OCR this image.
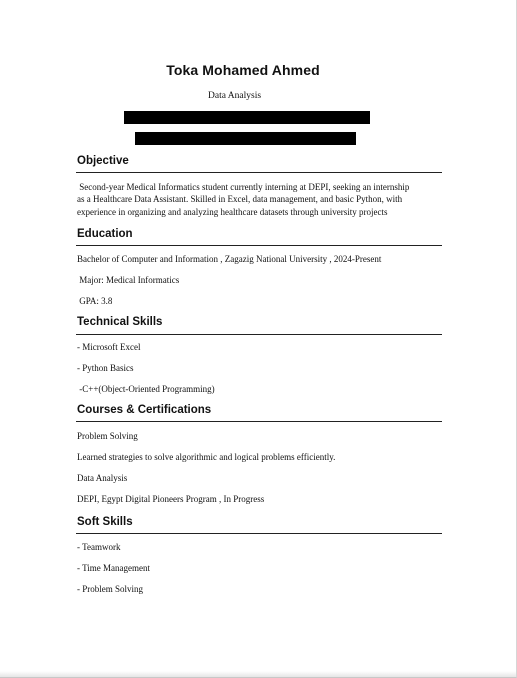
Toka Mohamed Ahmed
Data Analysis
Objective
Second-year Medical Informatics student currently interning at DEPI, seeking an internship
as a Healthcare Data Assistant. Skilled in Excel, data management, and basic Python, with
experience in organizing and analyzing healthcare datasets through university projects
Education
Bachelor of Computer and Information , Zagazig National University , 2024-Present
Major: Medical Informatics
GPA: 3.8
Technical Skills
- Microsoft Excel
- Python Basics
-C++(Object-Oriented Programming)
Courses & Certifications
Problem Solving
Learned strategies to solve algorithmic and logical problems efficiently.
Data Analysis
DEPI, Egypt Digital Pioneers Program , In Progress
Soft Skills
- Teamwork
- Time Management
- Problem Solving
